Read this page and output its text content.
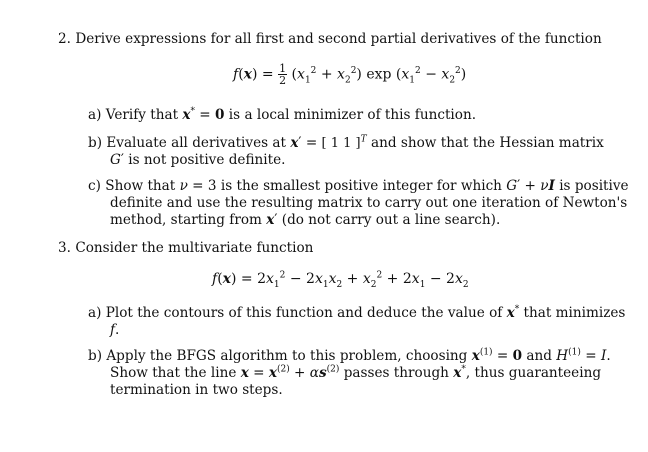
2. Derive expressions for all first and second partial derivatives of the function
$f(x) = \frac{1}{2} (x_1^2 + x_2^2)$ $\exp (x_1^2 - x_2^2)$
a) Verify that x* = 0 is a local minimizer of this function.
b) Evaluate all derivatives at x′ = [ 1 1 ]$^T$ and show that the Hessian matrix
G′ is not positive definite.
c) Show that ν = 3 is the smallest positive integer for which G′ + νI is positive
definite and use the resulting matrix to carry out one iteration of Newton's
method, starting from x′ (do not carry out a line search).
3. Consider the multivariate function
$f(x) = 2x_1^2 - 2x_1x_2 + x_2^2 + 2x_1 - 2x_2$
a) Plot the contours of this function and deduce the value of x* that minimizes
f.
b) Apply the BFGS algorithm to this problem, choosing $x^{(1)} = 0$ and $H^{(1)} = I$.
Show that the line $x = x^{(2)} + \alpha s^{(2)}$ passes through x*, thus guaranteeing
termination in two steps.
